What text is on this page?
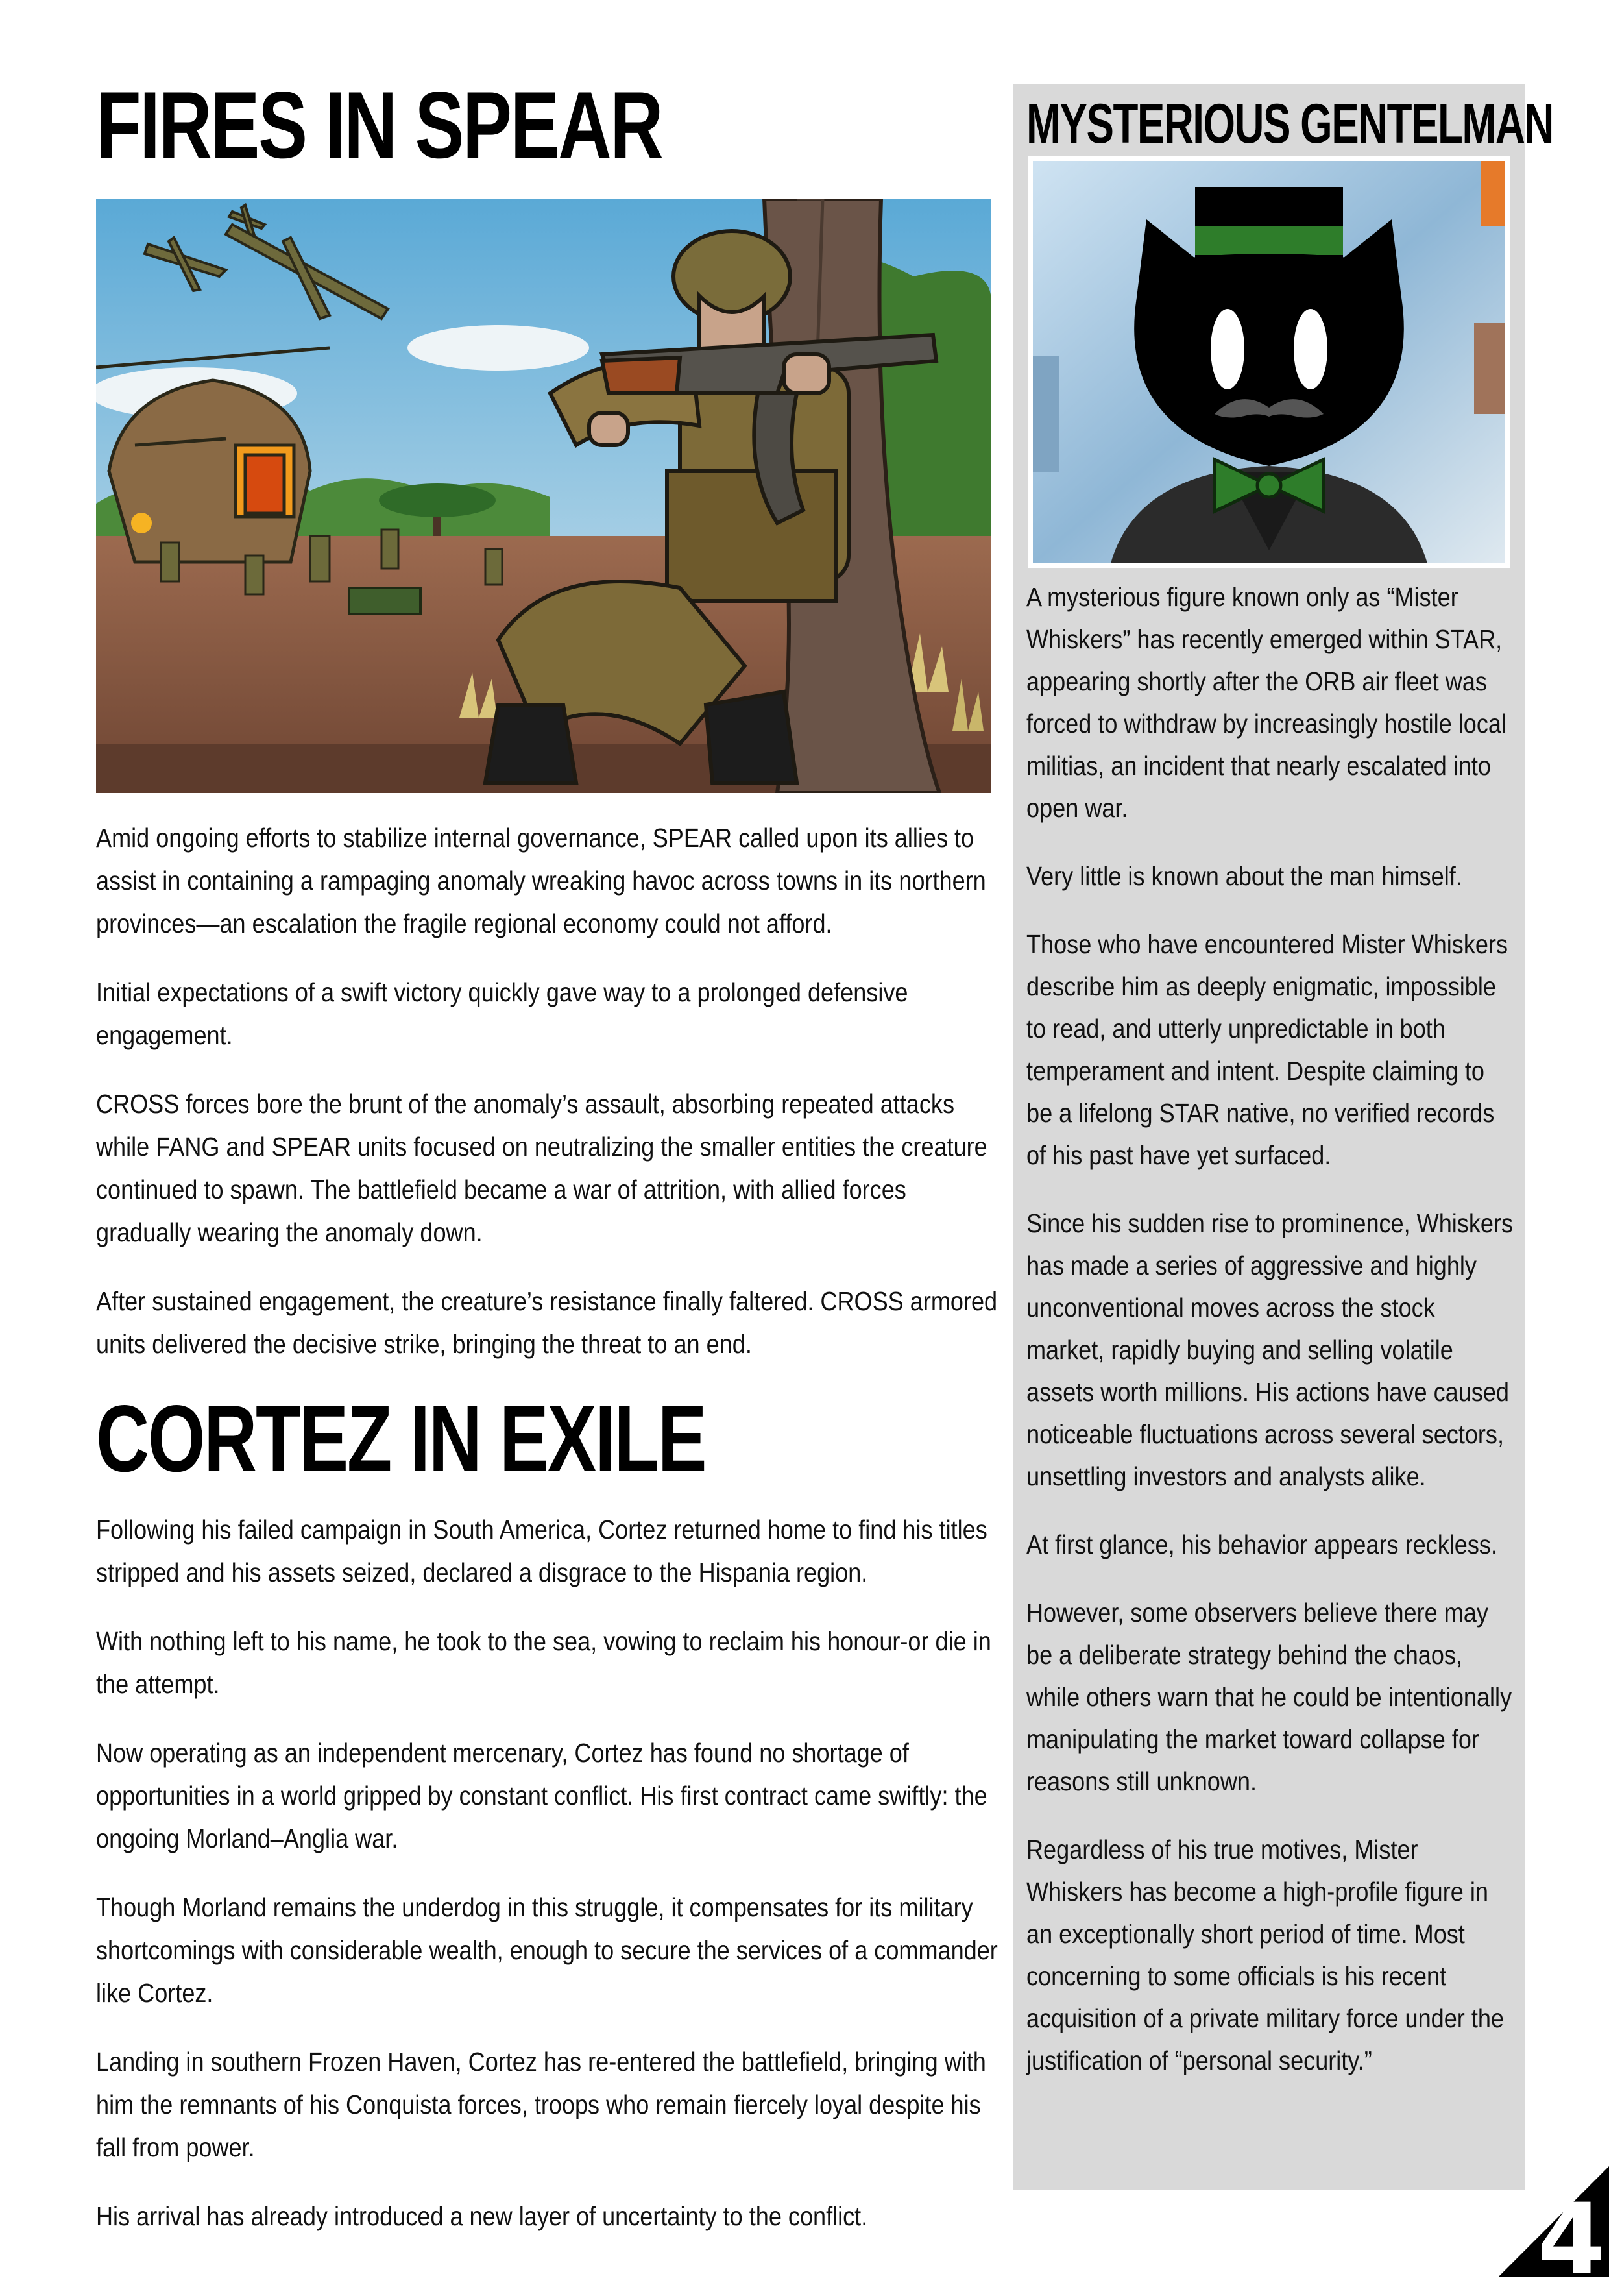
FIRES IN SPEAR

Amid ongoing efforts to stabilize internal governance, SPEAR called upon its allies to assist in containing a rampaging anomaly wreaking havoc across towns in its northern provinces—an escalation the fragile regional economy could not afford.

Initial expectations of a swift victory quickly gave way to a prolonged defensive engagement.

CROSS forces bore the brunt of the anomaly’s assault, absorbing repeated attacks while FANG and SPEAR units focused on neutralizing the smaller entities the creature continued to spawn. The battlefield became a war of attrition, with allied forces gradually wearing the anomaly down.

After sustained engagement, the creature’s resistance finally faltered. CROSS armored units delivered the decisive strike, bringing the threat to an end.

CORTEZ IN EXILE

Following his failed campaign in South America, Cortez returned home to find his titles stripped and his assets seized, declared a disgrace to the Hispania region.

With nothing left to his name, he took to the sea, vowing to reclaim his honour-or die in the attempt.

Now operating as an independent mercenary, Cortez has found no shortage of opportunities in a world gripped by constant conflict. His first contract came swiftly: the ongoing Morland–Anglia war.

Though Morland remains the underdog in this struggle, it compensates for its military shortcomings with considerable wealth, enough to secure the services of a commander like Cortez.

Landing in southern Frozen Haven, Cortez has re-entered the battlefield, bringing with him the remnants of his Conquista forces, troops who remain fiercely loyal despite his fall from power.

His arrival has already introduced a new layer of uncertainty to the conflict.

MYSTERIOUS GENTELMAN

A mysterious figure known only as “Mister Whiskers” has recently emerged within STAR, appearing shortly after the ORB air fleet was forced to withdraw by increasingly hostile local militias, an incident that nearly escalated into open war.

Very little is known about the man himself.

Those who have encountered Mister Whiskers describe him as deeply enigmatic, impossible to read, and utterly unpredictable in both temperament and intent. Despite claiming to be a lifelong STAR native, no verified records of his past have yet surfaced.

Since his sudden rise to prominence, Whiskers has made a series of aggressive and highly unconventional moves across the stock market, rapidly buying and selling volatile assets worth millions. His actions have caused noticeable fluctuations across several sectors, unsettling investors and analysts alike.

At first glance, his behavior appears reckless.

However, some observers believe there may be a deliberate strategy behind the chaos, while others warn that he could be intentionally manipulating the market toward collapse for reasons still unknown.

Regardless of his true motives, Mister Whiskers has become a high-profile figure in an exceptionally short period of time. Most concerning to some officials is his recent acquisition of a private military force under the justification of “personal security.”

4
